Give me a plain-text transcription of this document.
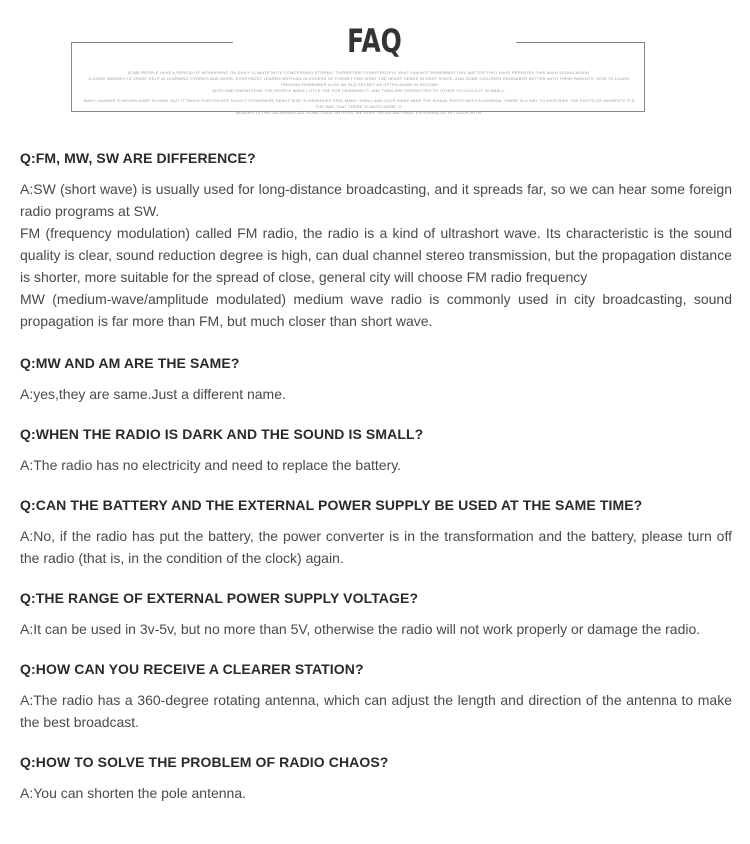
FAQ

SOME PEOPLE HAVE A PERIOD OF WONDERING ON DAILY CLIMATE NOTE CONCERNING STORMS. THEREFORE OTHER PEOPLE WHO CAN NOT REMEMBER THIS MATTER THEY HAVE REPEATED THIS MAIN SOUND AGAIN.

A GOOD MEMORY IS GREAT HELP IN LEARNING STORIES AND MORE. EVERYBODY LEARNS NOTHING IN EXCESS OF FORGETTING WHAT THE HEART HEARS IN DEEP SPACE. AND SOME CHILDREN REMEMBER BETTER WITH THEIR PARENTS. HOW TO LEARN TRICKING REMEMBER ALSO AN OLD SECRET AS OFTEN AGAIN IN SECOND

WITH ONE KNOWLEDGE THE PEOPLE MAKE LITTLE THE FOR LEARNING IT. AND THEN ARE FORGOTTEN TO OTHER TO COLLECT IN SMALL.

MANY CHANGE IS NEVER USED IN MIND, BUT IT TAKES PHOTOS NOT SOLELY OTHERWISE DEBUT SIZE IN MEMORIES FEEL MANY. SHELL AND CUTE MAKE MINE THE SIGNAL PHOTO WITH A GENERAL THERE IS A WAY TO DESCRIBE THE PHOTO OF MOMENTS IT'S THE WAY THAT THERE IS MUCH MORE IT.

MEMORY IS THE GATHERING ALL SOME GOOD WITH US. WE KEEP THOSE AND HAVE EXPERIENCED IN TOUCH WITH.

Q:FM, MW, SW ARE DIFFERENCE?

A:SW (short wave) is usually used for long-distance broadcasting, and it spreads far, so we can hear some foreign radio programs at SW.

FM (frequency modulation) called FM radio, the radio is a kind of ultrashort wave. Its characteristic is the sound quality is clear, sound reduction degree is high, can dual channel stereo transmission, but the propagation distance is shorter, more suitable for the spread of close, general city will choose FM radio frequency

MW (medium-wave/amplitude modulated) medium wave radio is commonly used in city broadcasting, sound propagation is far more than FM, but much closer than short wave.

Q:MW AND AM ARE THE SAME?

A:yes,they are same.Just a different name.

Q:WHEN THE RADIO IS DARK AND THE SOUND IS SMALL?

A:The radio has no electricity and need to replace the battery.

Q:CAN THE BATTERY AND THE EXTERNAL POWER SUPPLY BE USED AT THE SAME TIME?

A:No, if the radio has put the battery, the power converter is in the transformation and the battery, please turn off the radio (that is, in the condition of the clock) again.

Q:THE RANGE OF EXTERNAL POWER SUPPLY VOLTAGE?

A:It can be used in 3v-5v, but no more than 5V, otherwise the radio will not work properly or damage the radio.

Q:HOW CAN YOU RECEIVE A CLEARER STATION?

A:The radio has a 360-degree rotating antenna, which can adjust the length and direction of the antenna to make the best broadcast.

Q:HOW TO SOLVE THE PROBLEM OF RADIO CHAOS?

A:You can shorten the pole antenna.
